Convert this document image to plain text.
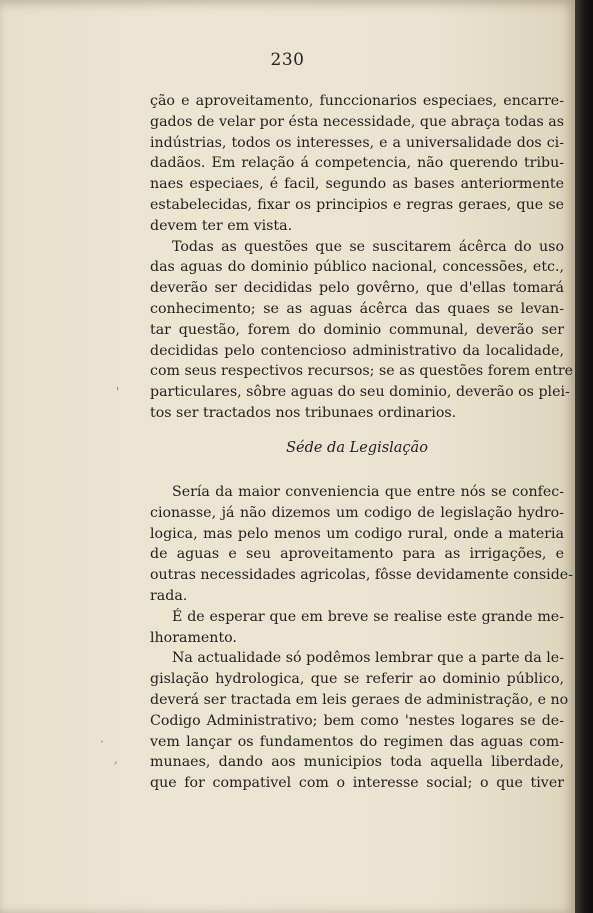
230
ção e aproveitamento, funccionarios especiaes, encarre-
gados de velar por ésta necessidade, que abraça todas as
indústrias, todos os interesses, e a universalidade dos ci-
dadãos. Em relação á competencia, não querendo tribu-
naes especiaes, é facil, segundo as bases anteriormente
estabelecidas, fixar os principios e regras geraes, que se
devem ter em vista.
Todas as questões que se suscitarem ácêrca do uso
das aguas do dominio público nacional, concessões, etc.,
deverão ser decididas pelo govêrno, que d'ellas tomará
conhecimento; se as aguas ácêrca das quaes se levan-
tar questão, forem do dominio communal, deverão ser
decididas pelo contencioso administrativo da localidade,
com seus respectivos recursos; se as questões forem entre
particulares, sôbre aguas do seu dominio, deverão os plei-
tos ser tractados nos tribunaes ordinarios.
Séde da Legislação
Sería da maior conveniencia que entre nós se confec-
cionasse, já não dizemos um codigo de legislação hydro-
logica, mas pelo menos um codigo rural, onde a materia
de aguas e seu aproveitamento para as irrigações, e
outras necessidades agricolas, fôsse devidamente conside-
rada.
É de esperar que em breve se realise este grande me-
lhoramento.
Na actualidade só podêmos lembrar que a parte da le-
gislação hydrologica, que se referir ao dominio público,
deverá ser tractada em leis geraes de administração, e no
Codigo Administrativo; bem como 'nestes logares se de-
vem lançar os fundamentos do regimen das aguas com-
munaes, dando aos municipios toda aquella liberdade,
que for compativel com o interesse social; o que tiver
'
·
,
